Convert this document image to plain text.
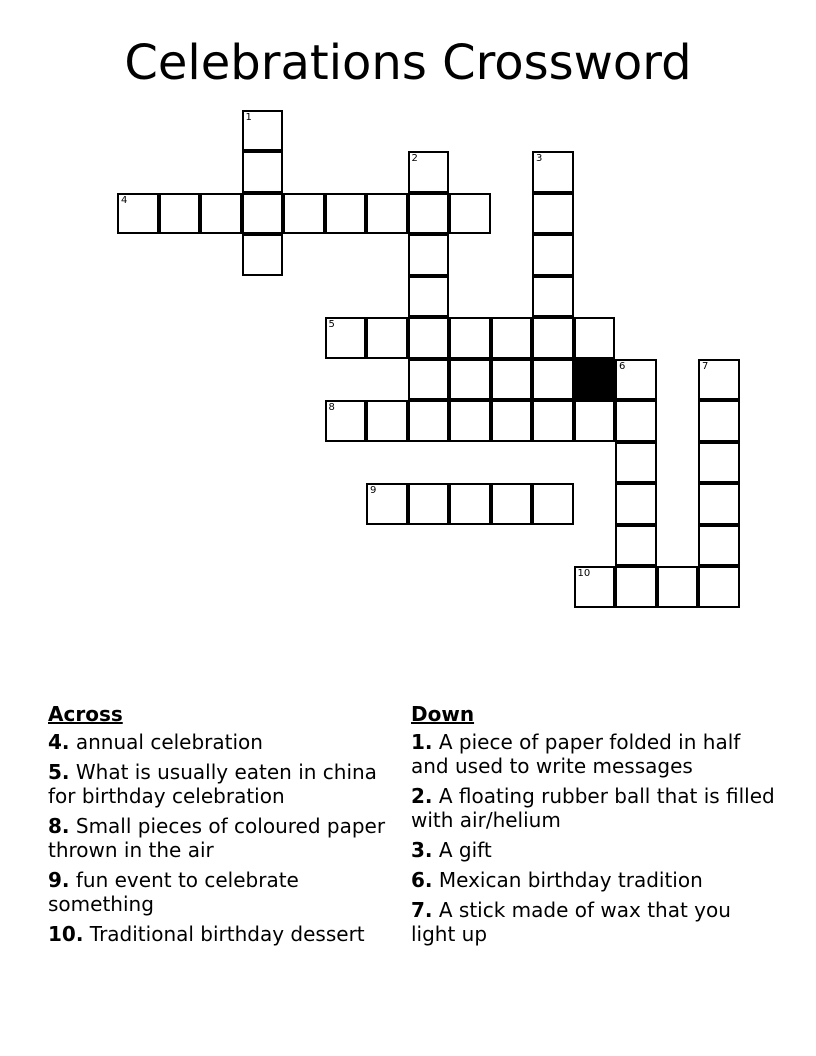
Celebrations Crossword
1
2	3
4
5
6	7
8
9
10
Across
4. annual celebration
5. What is usually eaten in china for birthday celebration
8. Small pieces of coloured paper thrown in the air
9. fun event to celebrate something
10. Traditional birthday dessert
Down
1. A piece of paper folded in half and used to write messages
2. A floating rubber ball that is filled with air/helium
3. A gift
6. Mexican birthday tradition
7. A stick made of wax that you light up
